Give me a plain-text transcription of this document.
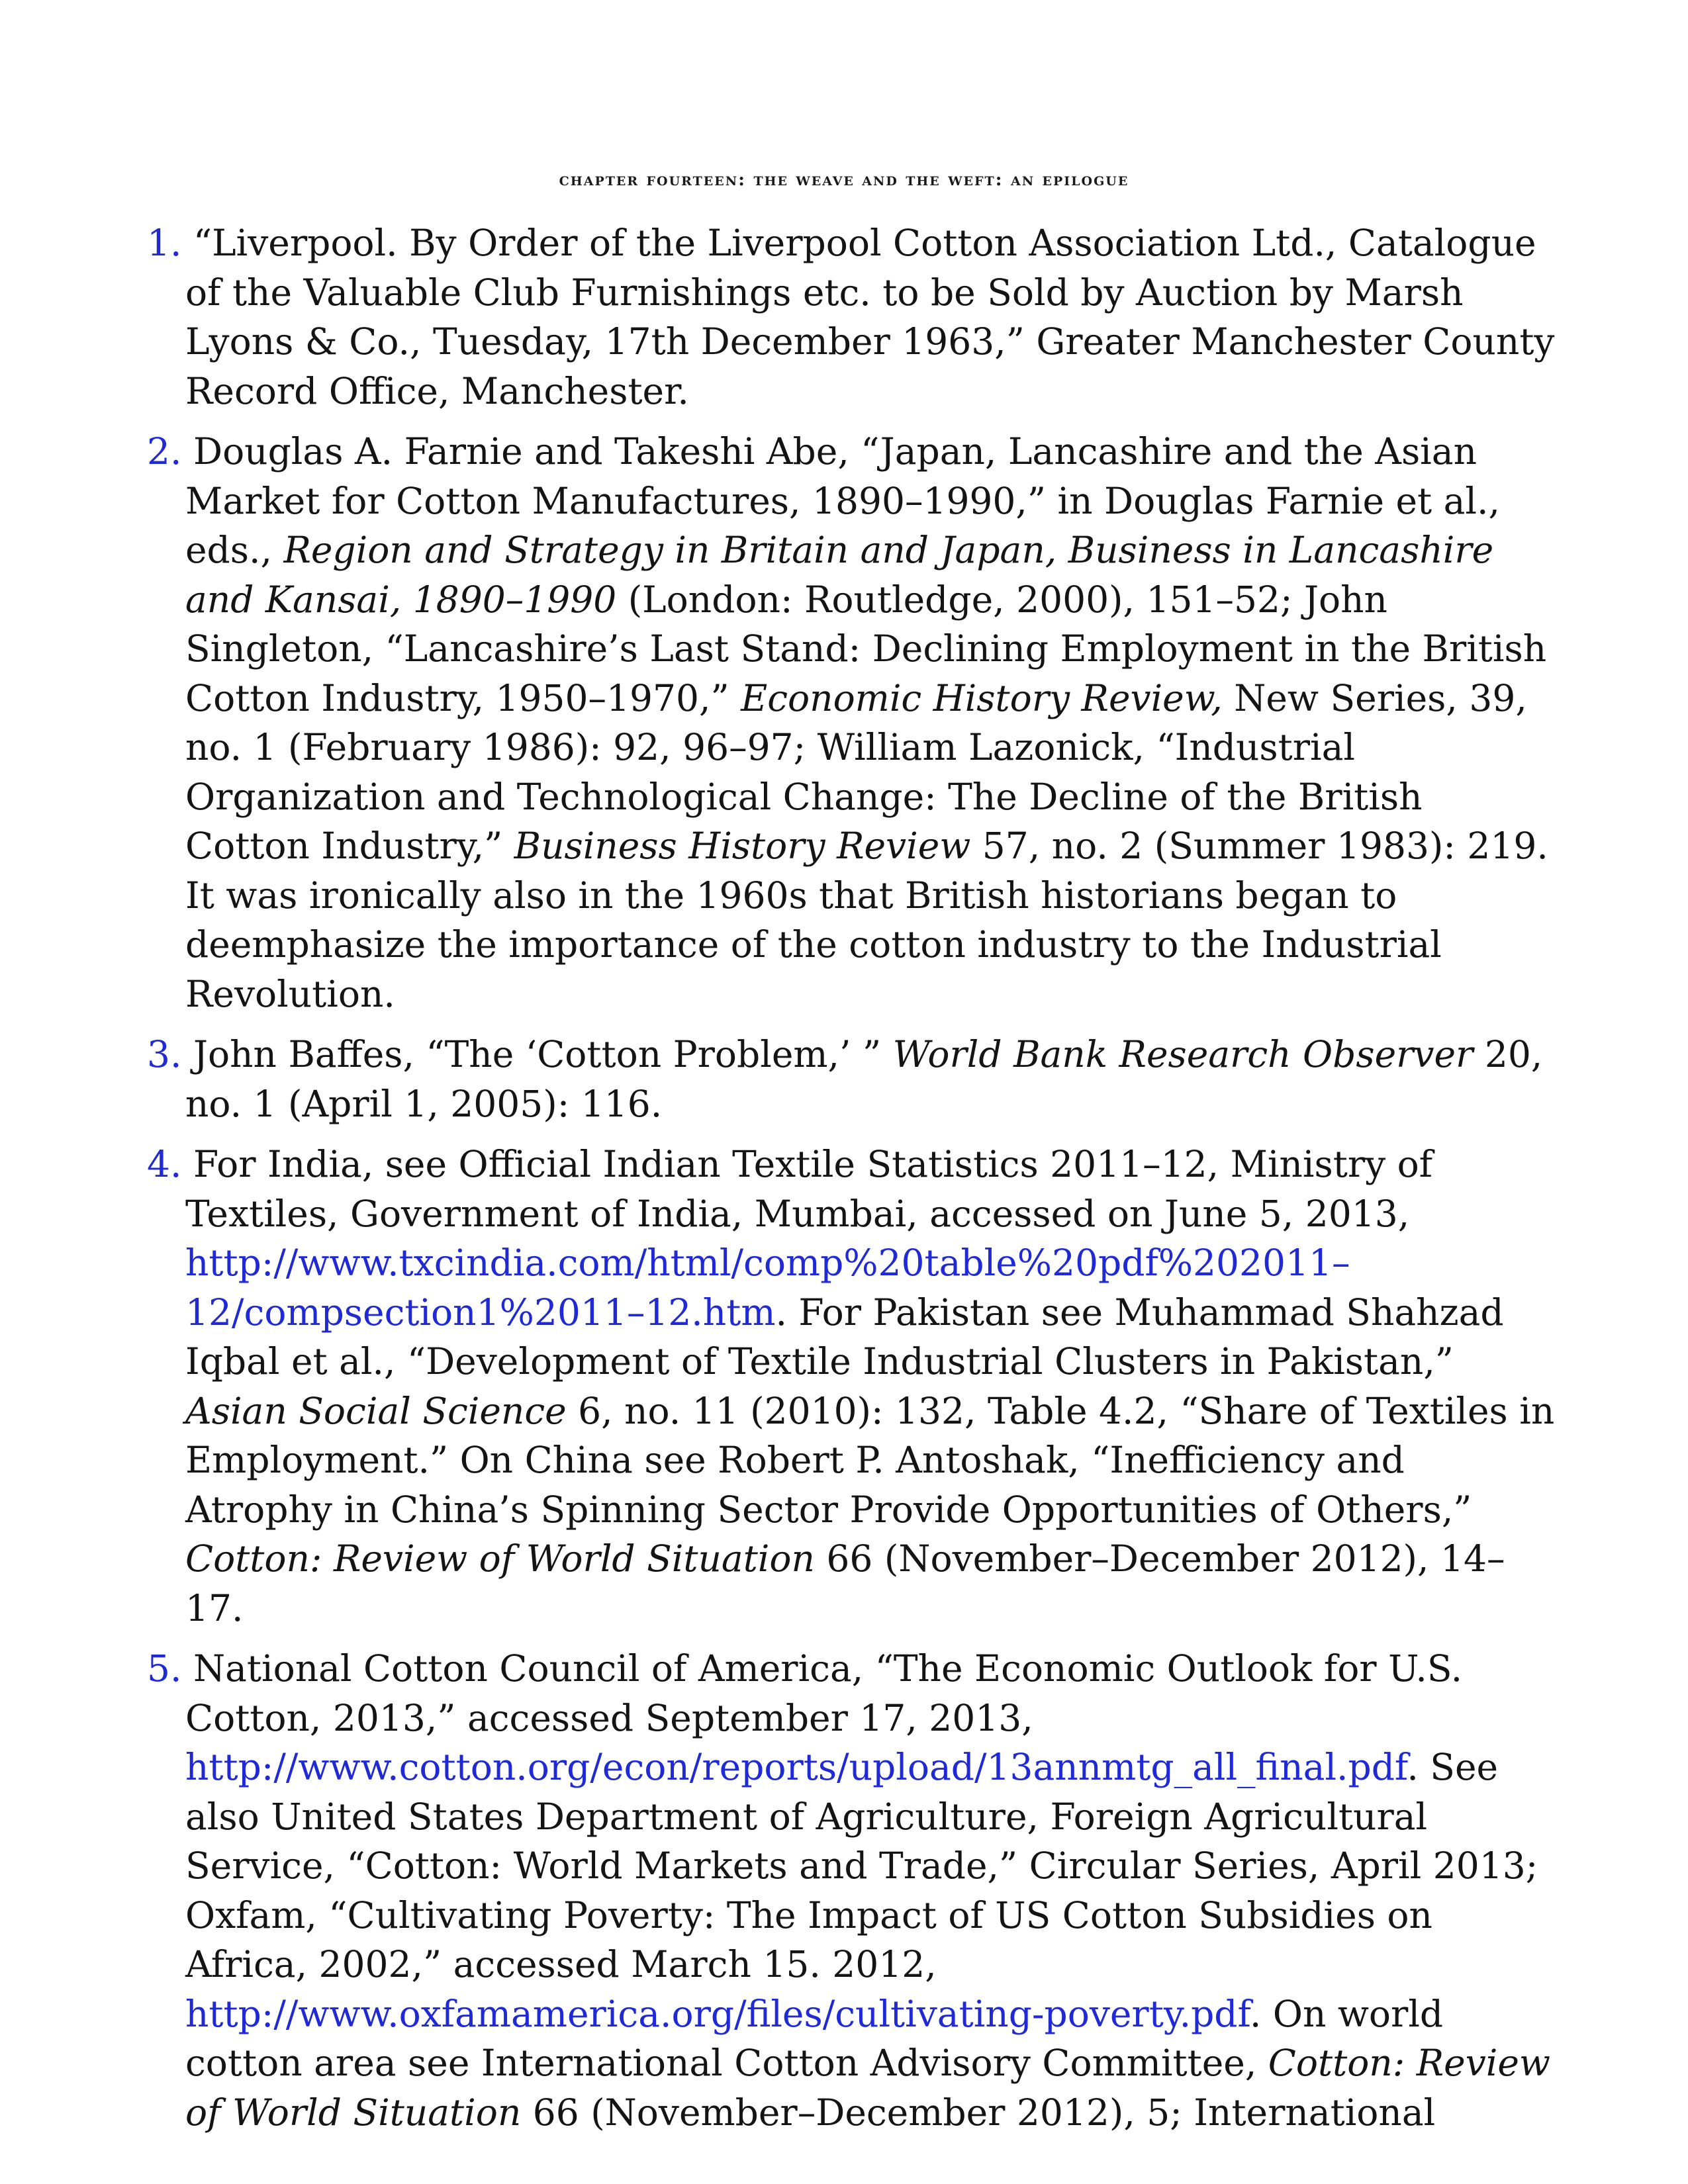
chapter fourteen: the weave and the weft: an epilogue
1. “Liverpool. By Order of the Liverpool Cotton Association Ltd., Catalogue of the Valuable Club Furnishings etc. to be Sold by Auction by Marsh Lyons & Co., Tuesday, 17th December 1963,” Greater Manchester County Record Office, Manchester.
2. Douglas A. Farnie and Takeshi Abe, “Japan, Lancashire and the Asian Market for Cotton Manufactures, 1890–1990,” in Douglas Farnie et al., eds., Region and Strategy in Britain and Japan, Business in Lancashire and Kansai, 1890–1990 (London: Routledge, 2000), 151–52; John Singleton, “Lancashire’s Last Stand: Declining Employment in the British Cotton Industry, 1950–1970,” Economic History Review, New Series, 39, no. 1 (February 1986): 92, 96–97; William Lazonick, “Industrial Organization and Technological Change: The Decline of the British Cotton Industry,” Business History Review 57, no. 2 (Summer 1983): 219. It was ironically also in the 1960s that British historians began to deemphasize the importance of the cotton industry to the Industrial Revolution.
3. John Baffes, “The ‘Cotton Problem,’ ” World Bank Research Observer 20, no. 1 (April 1, 2005): 116.
4. For India, see Official Indian Textile Statistics 2011–12, Ministry of Textiles, Government of India, Mumbai, accessed on June 5, 2013, http://www.txcindia.com/html/comp%20table%20pdf%202011–12/compsection1%2011–12.htm. For Pakistan see Muhammad Shahzad Iqbal et al., “Development of Textile Industrial Clusters in Pakistan,” Asian Social Science 6, no. 11 (2010): 132, Table 4.2, “Share of Textiles in Employment.” On China see Robert P. Antoshak, “Inefficiency and Atrophy in China’s Spinning Sector Provide Opportunities of Others,” Cotton: Review of World Situation 66 (November–December 2012), 14–17.
5. National Cotton Council of America, “The Economic Outlook for U.S. Cotton, 2013,” accessed September 17, 2013, http://www.cotton.org/econ/reports/upload/13annmtg_all_final.pdf. See also United States Department of Agriculture, Foreign Agricultural Service, “Cotton: World Markets and Trade,” Circular Series, April 2013; Oxfam, “Cultivating Poverty: The Impact of US Cotton Subsidies on Africa, 2002,” accessed March 15. 2012, http://www.oxfamamerica.org/files/cultivating-poverty.pdf. On world cotton area see International Cotton Advisory Committee, Cotton: Review of World Situation 66 (November–December 2012), 5; International
